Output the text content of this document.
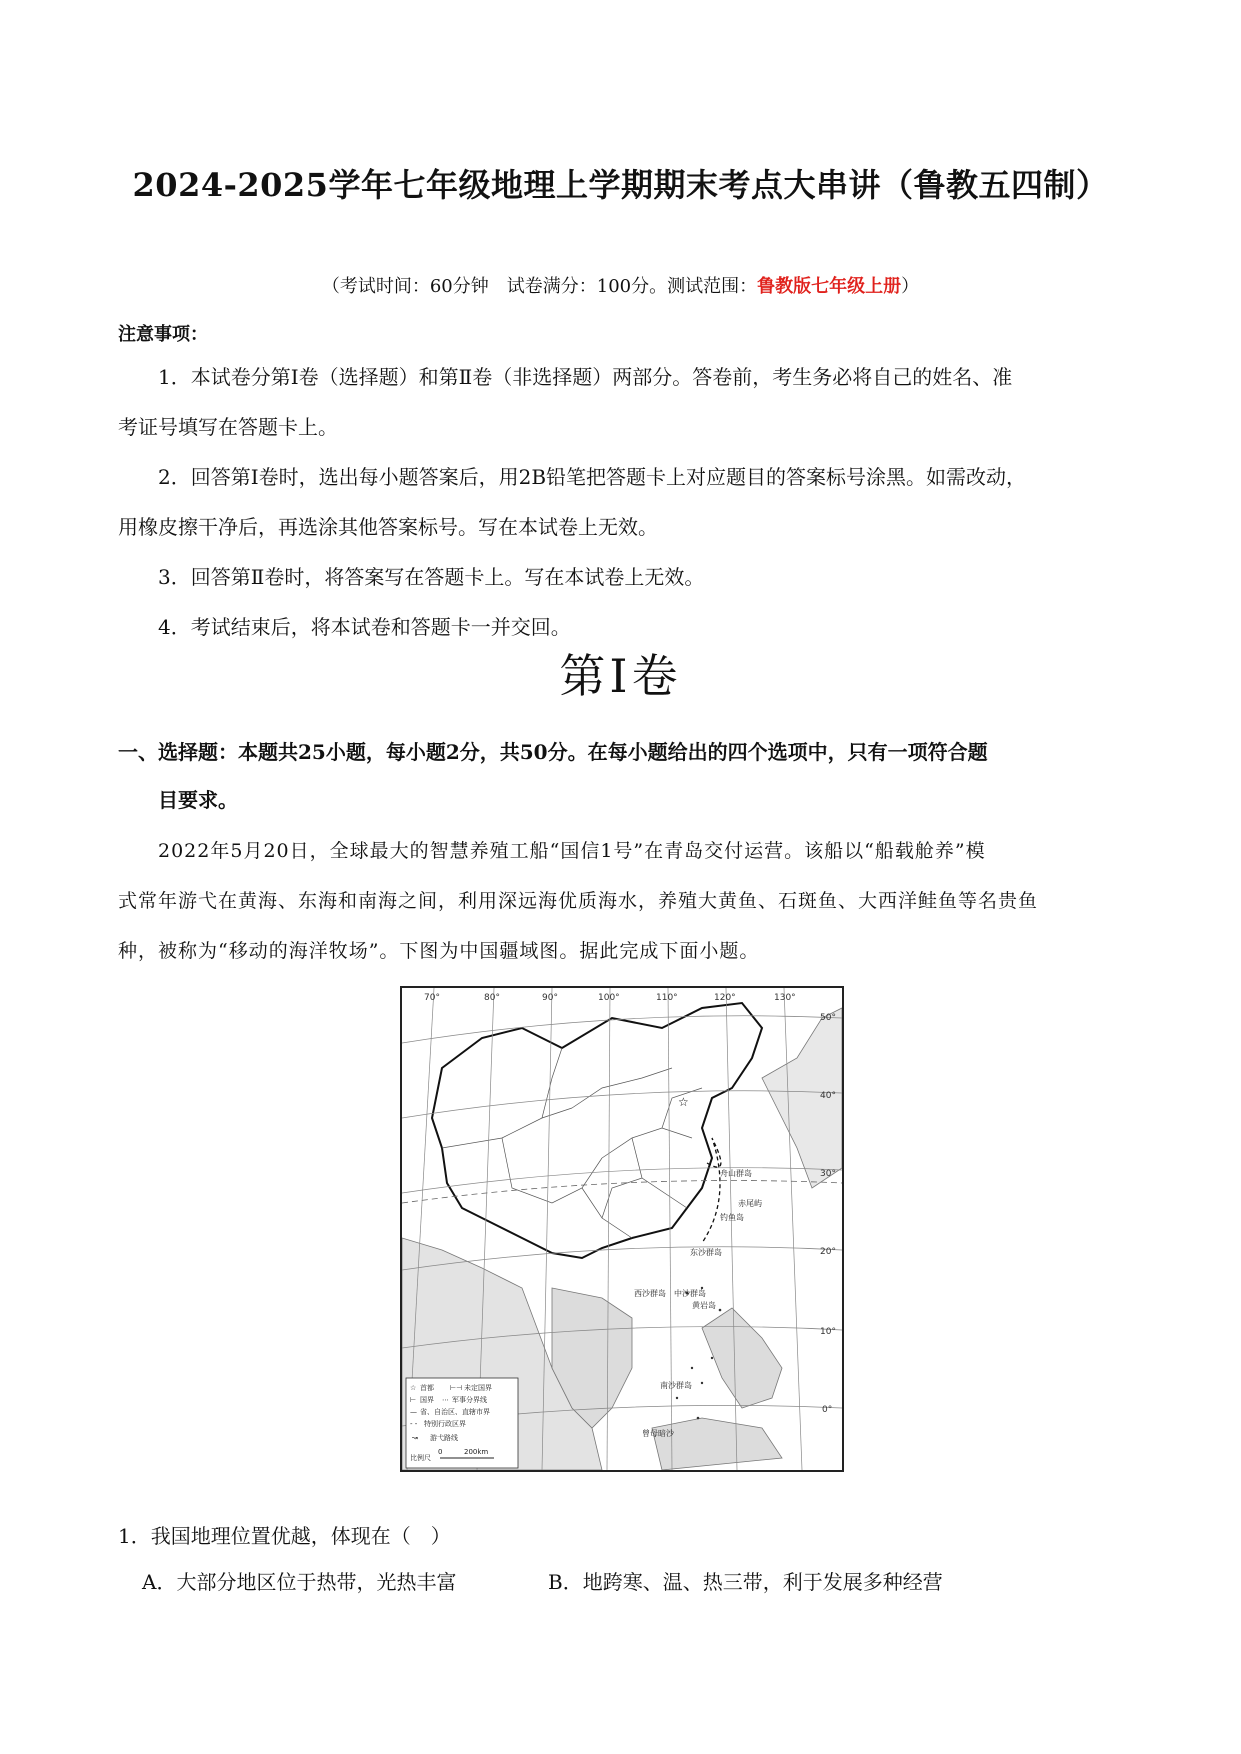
2024-2025学年七年级地理上学期期末考点大串讲（鲁教五四制）
（考试时间：60分钟　试卷满分：100分。测试范围：鲁教版七年级上册）
注意事项：
1．本试卷分第Ⅰ卷（选择题）和第Ⅱ卷（非选择题）两部分。答卷前，考生务必将自己的姓名、准
考证号填写在答题卡上。
2．回答第Ⅰ卷时，选出每小题答案后，用2B铅笔把答题卡上对应题目的答案标号涂黑。如需改动，
用橡皮擦干净后，再选涂其他答案标号。写在本试卷上无效。
3．回答第Ⅱ卷时，将答案写在答题卡上。写在本试卷上无效。
4．考试结束后，将本试卷和答题卡一并交回。
第Ⅰ卷
一、选择题：本题共25小题，每小题2分，共50分。在每小题给出的四个选项中，只有一项符合题
目要求。
2022年5月20日，全球最大的智慧养殖工船“国信1号”在青岛交付运营。该船以“船载舱养”模
式常年游弋在黄海、东海和南海之间，利用深远海优质海水，养殖大黄鱼、石斑鱼、大西洋鲑鱼等名贵鱼
种，被称为“移动的海洋牧场”。下图为中国疆域图。据此完成下面小题。
☆
70°	80°	90°	100°	110°	120°	130°
50°
40°
30°
20°
10°
0°
舟山群岛
赤尾屿
钓鱼岛
东沙群岛
西沙群岛 中沙群岛
黄岩岛
南沙群岛
曾母暗沙
☆ 首都 ⊢⊣ 未定国界
⊢ 国界 ⋯ 军事分界线
— 省、自治区、直辖市界
- - 特别行政区界
↝ 游弋路线
比例尺
0	200km
1．我国地理位置优越，体现在（　）
A．大部分地区位于热带，光热丰富	B．地跨寒、温、热三带，利于发展多种经营
